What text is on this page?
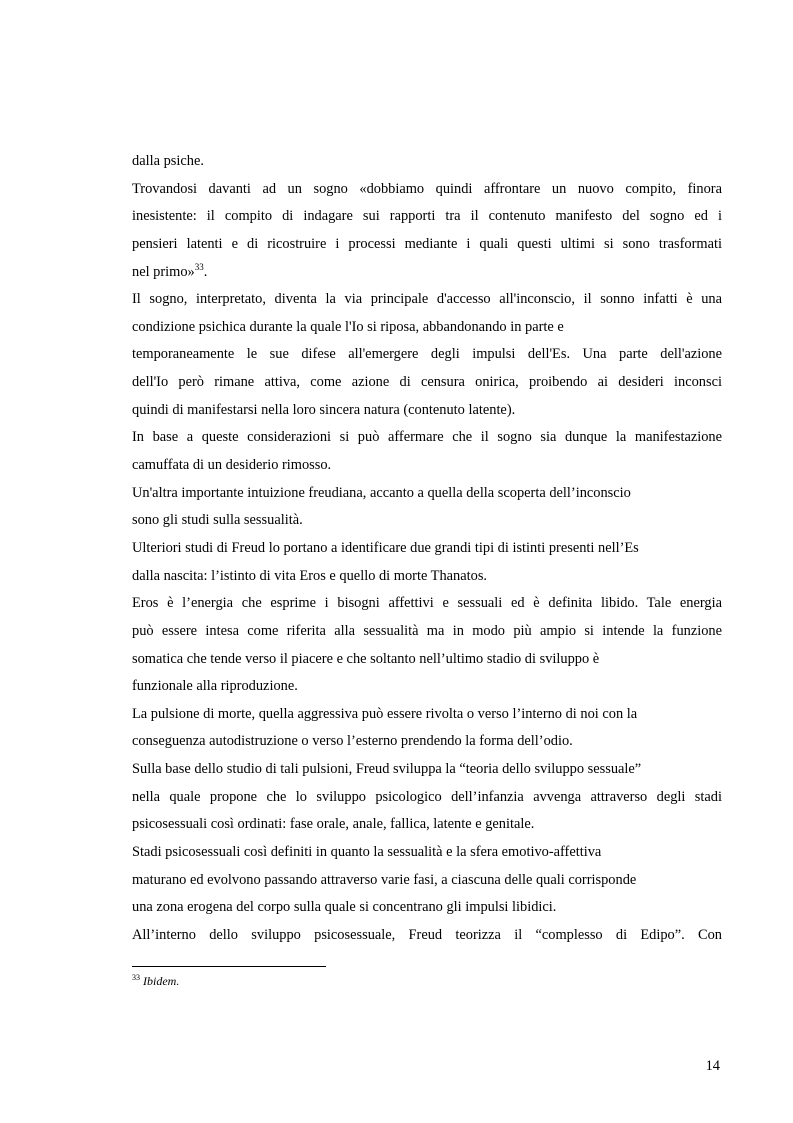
dalla psiche.
Trovandosi davanti ad un sogno «dobbiamo quindi affrontare un nuovo compito, finora
inesistente: il compito di indagare sui rapporti tra il contenuto manifesto del sogno ed i
pensieri latenti e di ricostruire i processi mediante i quali questi ultimi si sono trasformati
nel primo»$^{33}$.
Il sogno, interpretato, diventa la via principale d'accesso all'inconscio, il sonno infatti è una
condizione psichica durante la quale l'Io si riposa, abbandonando in parte e
temporaneamente le sue difese all'emergere degli impulsi dell'Es. Una parte dell'azione
dell'Io però rimane attiva, come azione di censura onirica, proibendo ai desideri inconsci
quindi di manifestarsi nella loro sincera natura (contenuto latente).
In base a queste considerazioni si può affermare che il sogno sia dunque la manifestazione
camuffata di un desiderio rimosso.
Un'altra importante intuizione freudiana, accanto a quella della scoperta dell’inconscio
sono gli studi sulla sessualità.
Ulteriori studi di Freud lo portano a identificare due grandi tipi di istinti presenti nell’Es
dalla nascita: l’istinto di vita Eros e quello di morte Thanatos.
Eros è l’energia che esprime i bisogni affettivi e sessuali ed è definita libido. Tale energia
può essere intesa come riferita alla sessualità ma in modo più ampio si intende la funzione
somatica che tende verso il piacere e che soltanto nell’ultimo stadio di sviluppo è
funzionale alla riproduzione.
La pulsione di morte, quella aggressiva può essere rivolta o verso l’interno di noi con la
conseguenza autodistruzione o verso l’esterno prendendo la forma dell’odio.
Sulla base dello studio di tali pulsioni, Freud sviluppa la “teoria dello sviluppo sessuale”
nella quale propone che lo sviluppo psicologico dell’infanzia avvenga attraverso degli stadi
psicosessuali così ordinati: fase orale, anale, fallica, latente e genitale.
Stadi psicosessuali così definiti in quanto la sessualità e la sfera emotivo-affettiva
maturano ed evolvono passando attraverso varie fasi, a ciascuna delle quali corrisponde
una zona erogena del corpo sulla quale si concentrano gli impulsi libidici.
All’interno dello sviluppo psicosessuale, Freud teorizza il “complesso di Edipo”. Con
$^{33}$ Ibidem.
14
